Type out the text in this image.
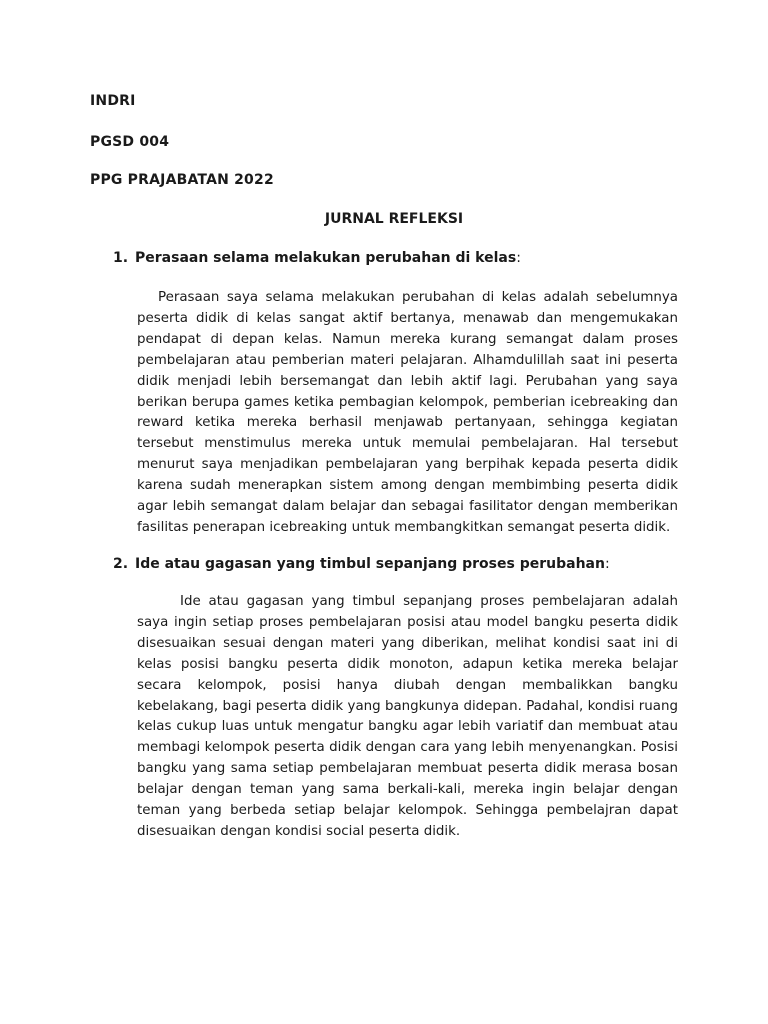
INDRI

PGSD 004

PPG PRAJABATAN 2022

JURNAL REFLEKSI
1. Perasaan selama melakukan perubahan di kelas:

Perasaan saya selama melakukan perubahan di kelas adalah sebelumnya peserta didik di kelas sangat aktif bertanya, menawab dan mengemukakan pendapat di depan kelas. Namun mereka kurang semangat dalam proses pembelajaran atau pemberian materi pelajaran. Alhamdulillah saat ini peserta didik menjadi lebih bersemangat dan lebih aktif lagi. Perubahan yang saya berikan berupa games ketika pembagian kelompok, pemberian icebreaking dan reward ketika mereka berhasil menjawab pertanyaan, sehingga kegiatan tersebut menstimulus mereka untuk memulai pembelajaran. Hal tersebut menurut saya menjadikan pembelajaran yang berpihak kepada peserta didik karena sudah menerapkan sistem among dengan membimbing peserta didik agar lebih semangat dalam belajar dan sebagai fasilitator dengan memberikan fasilitas penerapan icebreaking untuk membangkitkan semangat peserta didik.

2. Ide atau gagasan yang timbul sepanjang proses perubahan:

Ide atau gagasan yang timbul sepanjang proses pembelajaran adalah saya ingin setiap proses pembelajaran posisi atau model bangku peserta didik disesuaikan sesuai dengan materi yang diberikan, melihat kondisi saat ini di kelas posisi bangku peserta didik monoton, adapun ketika mereka belajar secara kelompok, posisi hanya diubah dengan membalikkan bangku kebelakang, bagi peserta didik yang bangkunya didepan. Padahal, kondisi ruang kelas cukup luas untuk mengatur bangku agar lebih variatif dan membuat atau membagi kelompok peserta didik dengan cara yang lebih menyenangkan. Posisi bangku yang sama setiap pembelajaran membuat peserta didik merasa bosan belajar dengan teman yang sama berkali-kali, mereka ingin belajar dengan teman yang berbeda setiap belajar kelompok. Sehingga pembelajran dapat disesuaikan dengan kondisi social peserta didik.
